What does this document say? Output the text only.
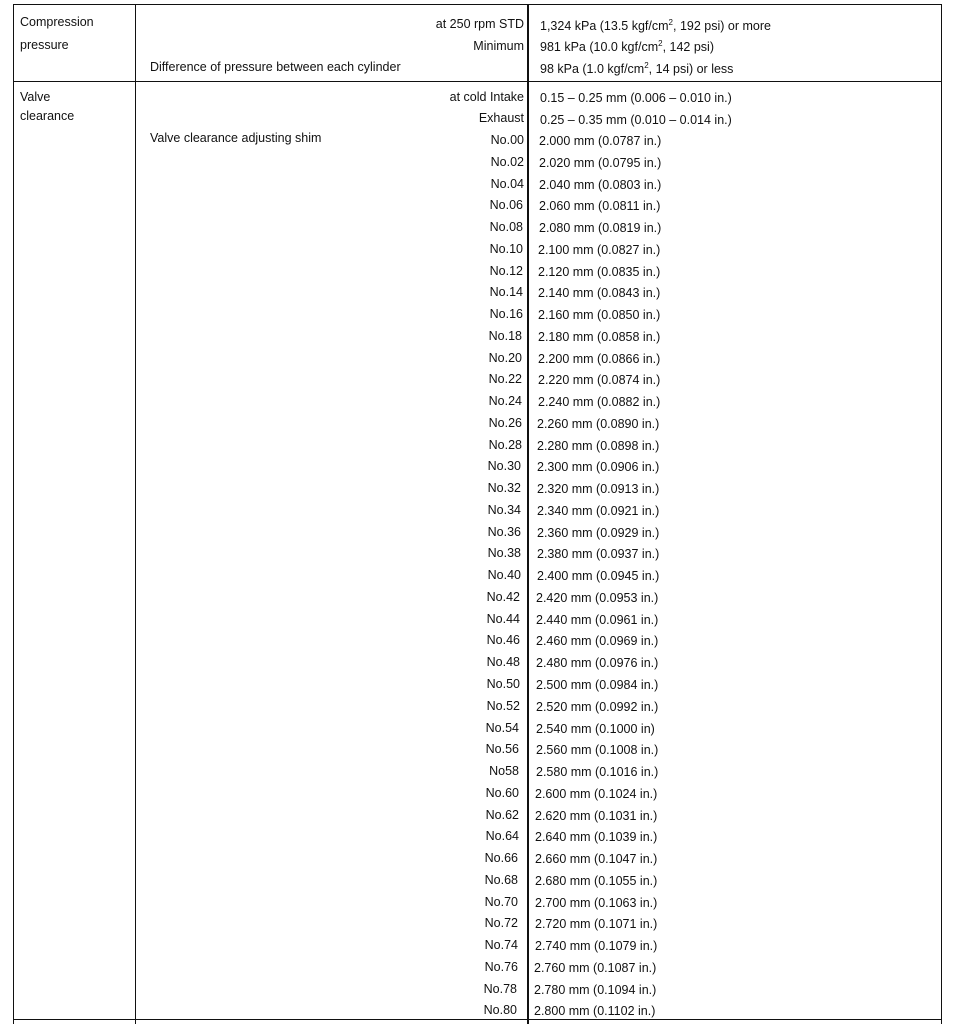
Compression
pressure
at 250 rpm STD 1,324 kPa (13.5 kgf/$cm^2$, 192 psi) or more
Minimum 981 kPa (10.0 kgf/$cm^2$, 142 psi)
Difference of pressure between each cylinder	98 kPa (1.0 kgf/$cm^2$, 14 psi) or less
Valve
clearance
at cold Intake 0.15 – 0.25 mm (0.006 – 0.010 in.)
Exhaust 0.25 – 0.35 mm (0.010 – 0.014 in.)
Valve clearance adjusting shim	No.00 2.000 mm (0.0787 in.)
No.02 2.020 mm (0.0795 in.)
No.04 2.040 mm (0.0803 in.)
No.06 2.060 mm (0.0811 in.)
No.08 2.080 mm (0.0819 in.)
No.10 2.100 mm (0.0827 in.)
No.12 2.120 mm (0.0835 in.)
No.14 2.140 mm (0.0843 in.)
No.16 2.160 mm (0.0850 in.)
No.18 2.180 mm (0.0858 in.)
No.20 2.200 mm (0.0866 in.)
No.22 2.220 mm (0.0874 in.)
No.24 2.240 mm (0.0882 in.)
No.26 2.260 mm (0.0890 in.)
No.28 2.280 mm (0.0898 in.)
No.30 2.300 mm (0.0906 in.)
No.32 2.320 mm (0.0913 in.)
No.34 2.340 mm (0.0921 in.)
No.36 2.360 mm (0.0929 in.)
No.38 2.380 mm (0.0937 in.)
No.40 2.400 mm (0.0945 in.)
No.42 2.420 mm (0.0953 in.)
No.44 2.440 mm (0.0961 in.)
No.46 2.460 mm (0.0969 in.)
No.48 2.480 mm (0.0976 in.)
No.50 2.500 mm (0.0984 in.)
No.52 2.520 mm (0.0992 in.)
No.54 2.540 mm (0.1000 in)
No.56 2.560 mm (0.1008 in.)
No58 2.580 mm (0.1016 in.)
No.60 2.600 mm (0.1024 in.)
No.62 2.620 mm (0.1031 in.)
No.64 2.640 mm (0.1039 in.)
No.66 2.660 mm (0.1047 in.)
No.68 2.680 mm (0.1055 in.)
No.70 2.700 mm (0.1063 in.)
No.72 2.720 mm (0.1071 in.)
No.74 2.740 mm (0.1079 in.)
No.76 2.760 mm (0.1087 in.)
No.78 2.780 mm (0.1094 in.)
No.80 2.800 mm (0.1102 in.)
